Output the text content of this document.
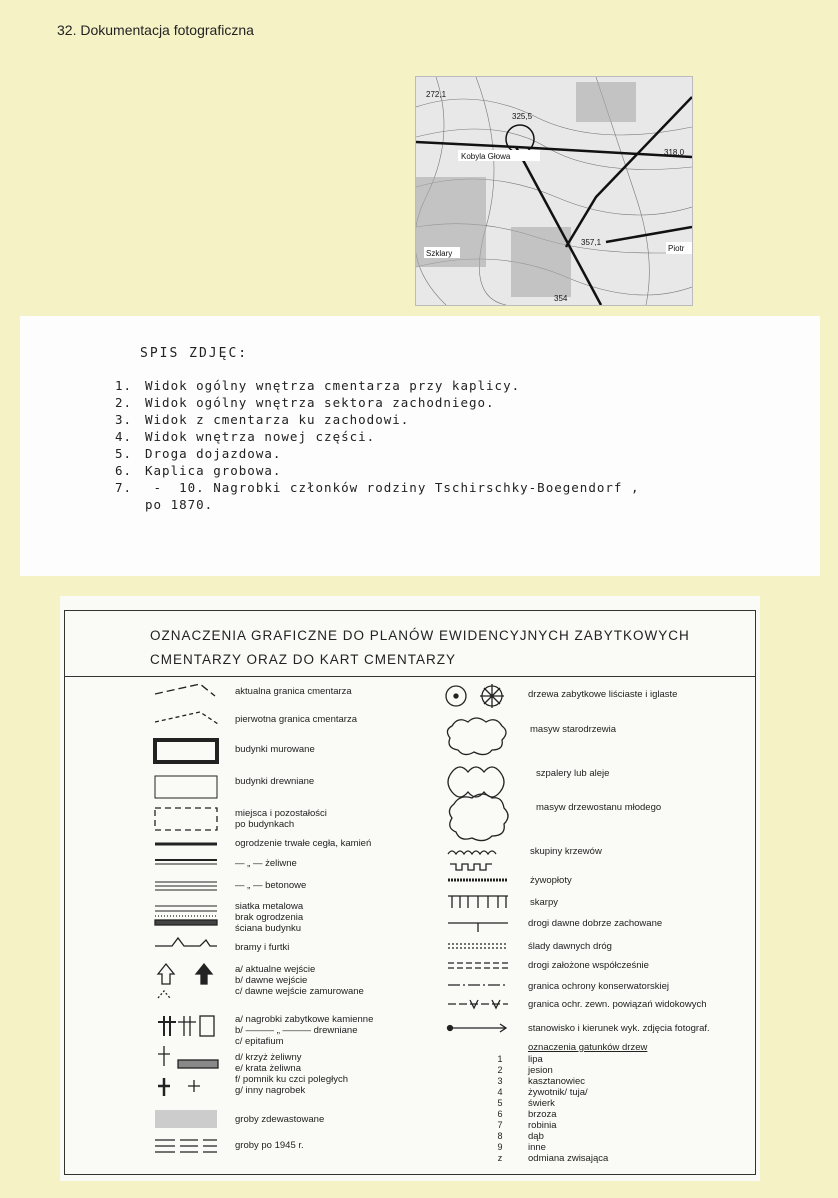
32. Dokumentacja fotograficzna
272,1
325,5
Kobyla Głowa	318,0
Szklary
357,1
Piotr
354
SPIS ZDJĘC:
1. Widok ogólny wnętrza cmentarza przy kaplicy.
2. Widok ogólny wnętrza sektora zachodniego.
3. Widok z cmentarza ku zachodowi.
4. Widok wnętrza nowej części.
5. Droga dojazdowa.
6. Kaplica grobowa.
7. -  10. Nagrobki członków rodziny Tschirschky-Boegendorf ,
po 1870.
OZNACZENIA GRAFICZNE DO PLANÓW EWIDENCYJNYCH ZABYTKOWYCH
CMENTARZY ORAZ DO KART CMENTARZY
aktualna granica cmentarza
pierwotna granica cmentarza
budynki murowane
budynki drewniane
miejsca i pozostałości
po budynkach
ogrodzenie trwałe cegła, kamień
— „ — żeliwne
— „ — betonowe
siatka metalowa
brak ogrodzenia
ściana budynku
bramy i furtki
a/ aktualne wejście
b/ dawne wejście
c/ dawne wejście zamurowane
a/ nagrobki zabytkowe kamienne
b/ ——— „ ——— drewniane
c/ epitafium
d/ krzyż żeliwny
e/ krata żeliwna
f/ pomnik ku czci poległych
g/ inny nagrobek
groby zdewastowane
groby po 1945 r.
drzewa zabytkowe liściaste i iglaste
masyw starodrzewia
szpalery lub aleje
masyw drzewostanu młodego
skupiny krzewów
żywopłoty
skarpy
drogi dawne dobrze zachowane
ślady dawnych dróg
drogi założone współcześnie
granica ochrony konserwatorskiej
granica ochr. zewn. powiązań widokowych
stanowisko i kierunek wyk. zdjęcia fotograf.
oznaczenia gatunków drzew
1	lipa
2	jesion
3	kasztanowiec
4	żywotnik/ tuja/
5	świerk
6	brzoza
7	robinia
8	dąb
9	inne
z	odmiana zwisająca
